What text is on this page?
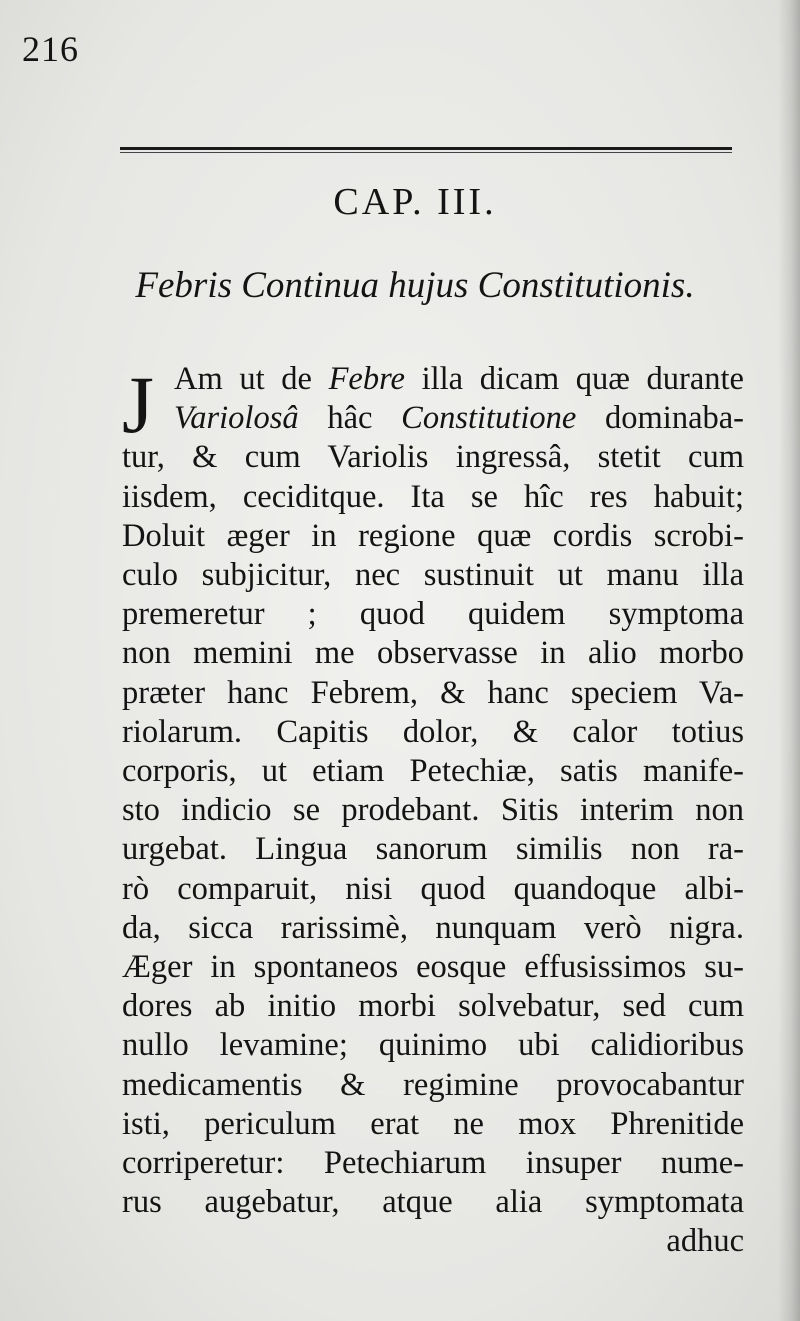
216
CAP. III.
Febris Continua hujus Constitutionis.
J Am ut de Febre illa dicam quæ durante
Variolosâ hâc Constitutione dominaba-
tur, & cum Variolis ingressâ, stetit cum
iisdem, ceciditque. Ita se hîc res habuit;
Doluit æger in regione quæ cordis scrobi-
culo subjicitur, nec sustinuit ut manu illa
premeretur ; quod quidem symptoma
non memini me observasse in alio morbo
præter hanc Febrem, & hanc speciem Va-
riolarum. Capitis dolor, & calor totius
corporis, ut etiam Petechiæ, satis manife-
sto indicio se prodebant. Sitis interim non
urgebat. Lingua sanorum similis non ra-
rò comparuit, nisi quod quandoque albi-
da, sicca rarissimè, nunquam verò nigra.
Æger in spontaneos eosque effusissimos su-
dores ab initio morbi solvebatur, sed cum
nullo levamine; quinimo ubi calidioribus
medicamentis & regimine provocabantur
isti, periculum erat ne mox Phrenitide
corriperetur: Petechiarum insuper nume-
rus augebatur, atque alia symptomata
adhuc
